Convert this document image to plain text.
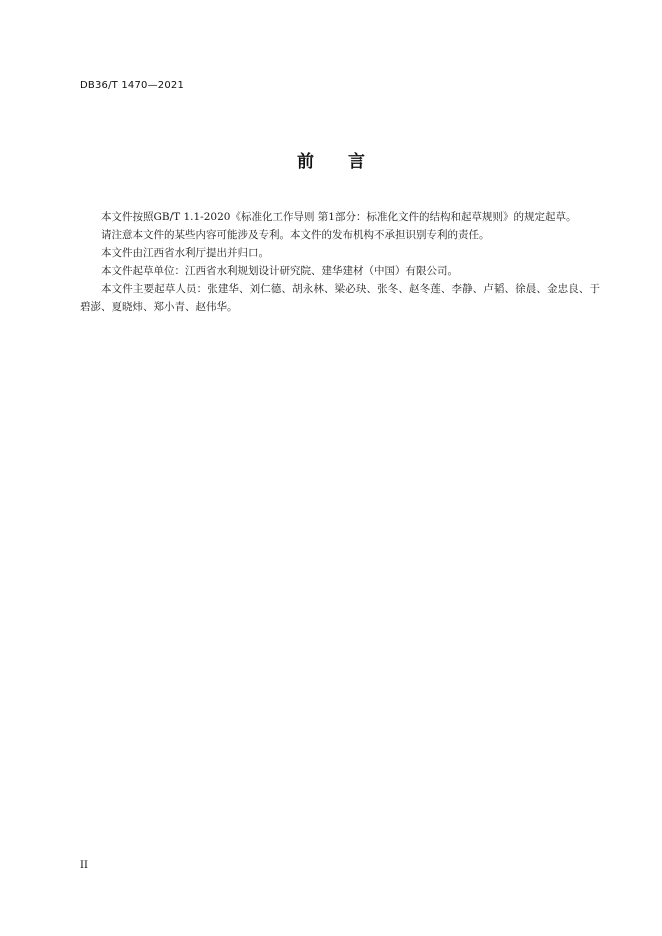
DB36/T 1470—2021
前 言

本文件按照GB/T 1.1-2020《标准化工作导则 第1部分：标准化文件的结构和起草规则》的规定起草。

请注意本文件的某些内容可能涉及专利。本文件的发布机构不承担识别专利的责任。

本文件由江西省水利厅提出并归口。

本文件起草单位：江西省水利规划设计研究院、建华建材（中国）有限公司。

本文件主要起草人员：张建华、刘仁德、胡永林、梁必玦、张冬、赵冬莲、李静、卢韬、徐晨、金忠良、于碧澎、夏晓炜、郑小青、赵伟华。

II
